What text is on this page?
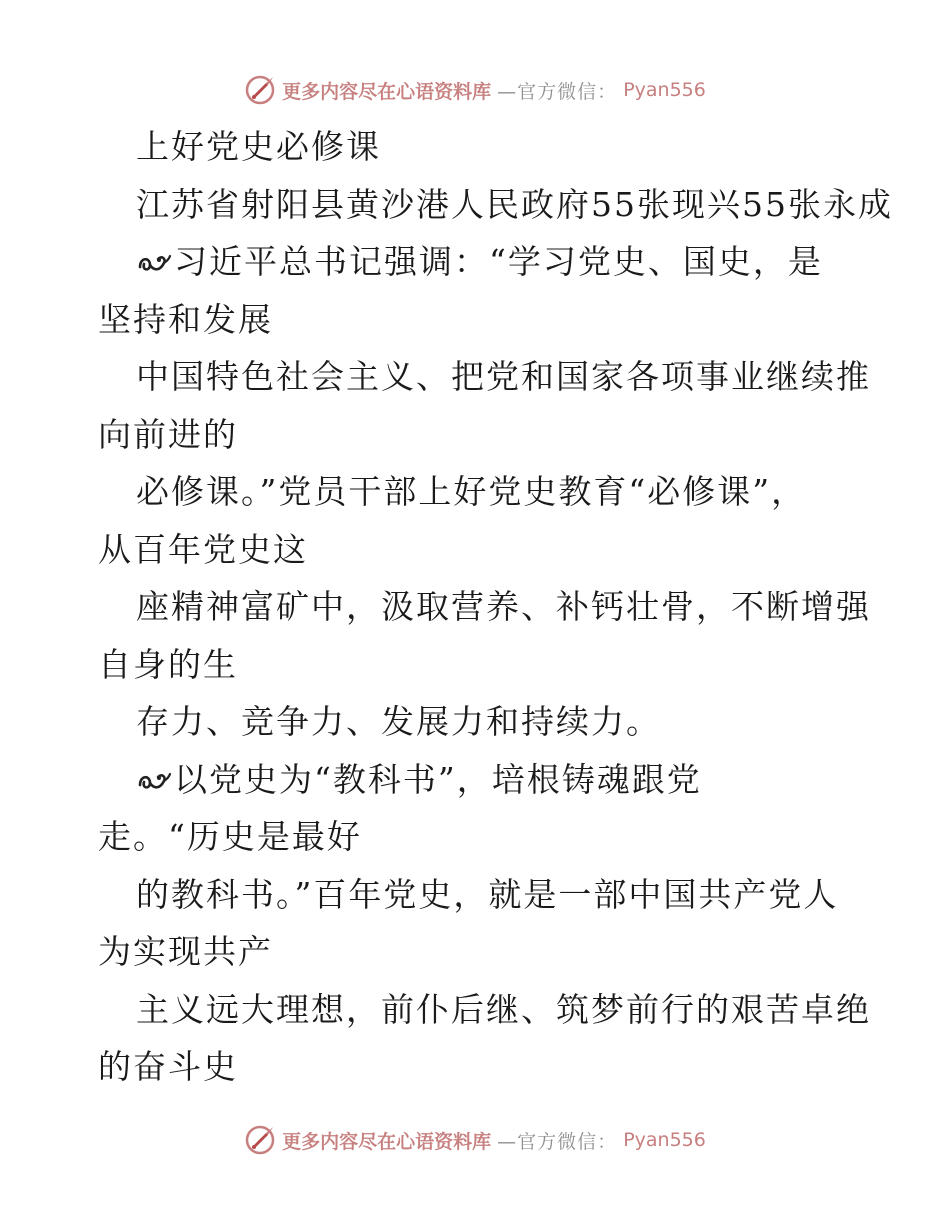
更多内容尽在心语资料库 —官方微信： Pyan556
上好党史必修课
江苏省射阳县黄沙港人民政府55张现兴55张永成
习近平总书记强调：“学习党史、国史，是
坚持和发展
中国特色社会主义、把党和国家各项事业继续推
向前进的
必修课。”党员干部上好党史教育“必修课”，
从百年党史这
座精神富矿中，汲取营养、补钙壮骨，不断增强
自身的生
存力、竞争力、发展力和持续力。
以党史为“教科书”，培根铸魂跟党
走。“历史是最好
的教科书。”百年党史，就是一部中国共产党人
为实现共产
主义远大理想，前仆后继、筑梦前行的艰苦卓绝
的奋斗史
更多内容尽在心语资料库 —官方微信： Pyan556
